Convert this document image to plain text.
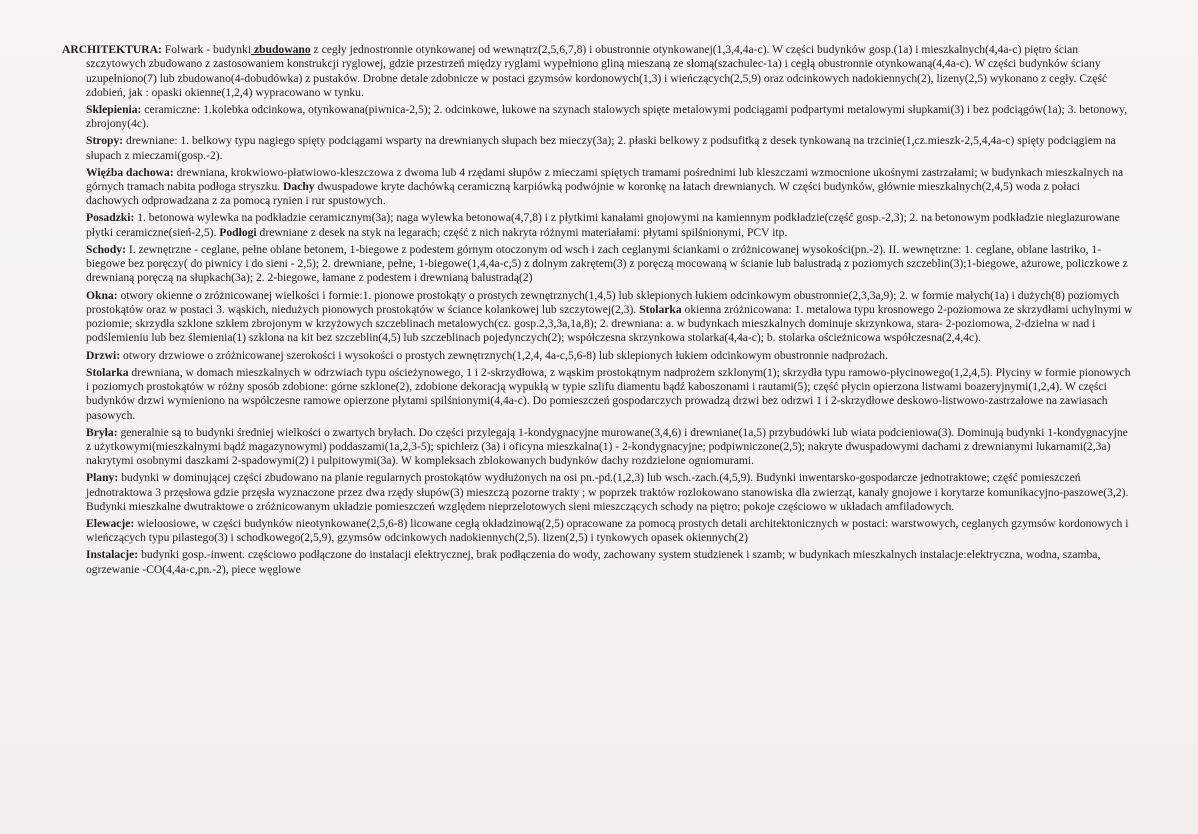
ARCHITEKTURA: Folwark - budynki zbudowano z cegły jednostronnie otynkowanej od wewnątrz(2,5,6,7,8) i obustronnie otynkowanej(1,3,4,4a-c). W części budynków gosp.(1a) i mieszkalnych(4,4a-c) piętro ścian szczytowych zbudowano z zastosowaniem konstrukcji ryglowej, gdzie przestrzeń między ryglami wypełniono gliną mieszaną ze słomą(szachulec-1a) i cegłą obustronnie otynkowaną(4,4a-c). W części budynków ściany uzupełniono(7) lub zbudowano(4-dobudówka) z pustaków. Drobne detale zdobnicze w postaci gzymsów kordonowych(1,3) i wieńczących(2,5,9) oraz odcinkowych nadokiennych(2), lizeny(2,5) wykonano z cegły. Część zdobień, jak : opaski okienne(1,2,4) wypracowano w tynku.

Sklepienia: ceramiczne: 1.kolebka odcinkowa, otynkowana(piwnica-2,5); 2. odcinkowe, łukowe na szynach stalowych spięte metalowymi podciągami podpartymi metalowymi słupkami(3) i bez podciągów(1a); 3. betonowy, zbrojony(4c).

Stropy: drewniane: 1. belkowy typu nagiego spięty podciągami wsparty na drewnianych słupach bez mieczy(3a); 2. płaski belkowy z podsufitką z desek tynkowaną na trzcinie(1,cz.mieszk-2,5,4,4a-c) spięty podciągiem na słupach z mieczami(gosp.-2).

Więźba dachowa: drewniana, krokwiowo-płatwiowo-kleszczowa z dwoma lub 4 rzędami słupów z mieczami spiętych tramami pośrednimi lub kleszczami wzmocnione ukośnymi zastrzałami; w budynkach mieszkalnych na górnych tramach nabita podłoga stryszku. Dachy dwuspadowe kryte dachówką ceramiczną karpiówką podwójnie w koronkę na łatach drewnianych. W części budynków, głównie mieszkalnych(2,4,5) woda z połaci dachowych odprowadzana z za pomocą rynien i rur spustowych.

Posadzki: 1. betonowa wylewka na podkładzie ceramicznym(3a); naga wylewka betonowa(4,7,8) i z płytkimi kanałami gnojowymi na kamiennym podkładzie(część gosp.-2,3); 2. na betonowym podkładzie nieglazurowane płytki ceramiczne(sień-2,5). Podłogi drewniane z desek na styk na legarach; część z nich nakryta różnymi materiałami: płytami spilśnionymi, PCV itp.

Schody: I. zewnętrzne - ceglane, pełne oblane betonem, 1-biegowe z podestem górnym otoczonym od wsch i zach ceglanymi ściankami o zróżnicowanej wysokości(pn.-2). II. wewnętrzne: 1. ceglane, oblane lastriko, 1-biegowe bez poręczy( do piwnicy i do sieni - 2,5); 2. drewniane, pełne, 1-biegowe(1,4,4a-c,5) z dolnym zakrętem(3) z poręczą mocowaną w ścianie lub balustradą z poziomych szczeblin(3);1-biegowe, ażurowe, policzkowe z drewnianą poręczą na słupkach(3a); 2. 2-biegowe, łamane z podestem i drewnianą balustradą(2)

Okna: otwory okienne o zróżnicowanej wielkości i formie:1. pionowe prostokąty o prostych zewnętrznych(1,4,5) lub sklepionych łukiem odcinkowym obustronnie(2,3,3a,9); 2. w formie małych(1a) i dużych(8) poziomych prostokątów oraz w postaci 3. wąskich, niedużych pionowych prostokątów w ściance kolankowej lub szczytowej(2,3). Stolarka okienna zróżnicowana: 1. metalowa typu krosnowego 2-poziomowa ze skrzydłami uchylnymi w poziomie; skrzydła szklone szkłem zbrojonym w krzyżowych szczeblinach metalowych(cz. gosp.2,3,3a,1a,8); 2. drewniana: a. w budynkach mieszkalnych dominuje skrzynkowa, stara- 2-poziomowa, 2-dzielna w nad i podślemieniu lub bez ślemienia(1) szklona na kit bez szczeblin(4,5) lub szczeblinach pojedynczych(2); współczesna skrzynkowa stolarka(4,4a-c); b. stolarka ościeżnicowa współczesna(2,4,4c).

Drzwi: otwory drzwiowe o zróżnicowanej szerokości i wysokości o prostych zewnętrznych(1,2,4, 4a-c,5,6-8) lub sklepionych łukiem odcinkowym obustronnie nadprożach.

Stolarka drewniana, w domach mieszkalnych w odrzwiach typu ościeżynowego, 1 i 2-skrzydłowa, z wąskim prostokątnym nadprożem szklonym(1); skrzydła typu ramowo-płycinowego(1,2,4,5). Płyciny w formie pionowych i poziomych prostokątów w różny sposób zdobione: górne szklone(2), zdobione dekoracją wypukłą w typie szlifu diamentu bądź kaboszonami i rautami(5); część płycin opierzona listwami boazeryjnymi(1,2,4). W części budynków drzwi wymieniono na współczesne ramowe opierzone płytami spilśnionymi(4,4a-c). Do pomieszczeń gospodarczych prowadzą drzwi bez odrzwi 1 i 2-skrzydłowe deskowo-listwowo-zastrzałowe na zawiasach pasowych.

Bryła: generalnie są to budynki średniej wielkości o zwartych bryłach. Do części przylegają 1-kondygnacyjne murowane(3,4,6) i drewniane(1a,5) przybudówki lub wiata podcieniowa(3). Dominują budynki 1-kondygnacyjne z użytkowymi(mieszkalnymi bądź magazynowymi) poddaszami(1a,2,3-5); spichlerz (3a) i oficyna mieszkalna(1) - 2-kondygnacyjne; podpiwniczone(2,5); nakryte dwuspadowymi dachami z drewnianymi lukarnami(2,3a) nakrytymi osobnymi daszkami 2-spadowymi(2) i pulpitowymi(3a). W kompleksach zblokowanych budynków dachy rozdzielone ogniomurami.

Plany: budynki w dominującej części zbudowano na planie regularnych prostokątów wydłużonych na osi pn.-pd.(1,2,3) lub wsch.-zach.(4,5,9). Budynki inwentarsko-gospodarcze jednotraktowe; część pomieszczeń jednotraktowa 3 przęsłowa gdzie przęsła wyznaczone przez dwa rzędy słupów(3) mieszczą pozorne trakty ; w poprzek traktów rozlokowano stanowiska dla zwierząt, kanały gnojowe i korytarze komunikacyjno-paszowe(3,2). Budynki mieszkalne dwutraktowe o zróżnicowanym układzie pomieszczeń względem nieprzelotowych sieni mieszczących schody na piętro; pokoje częściowo w układach amfiladowych.

Elewacje: wieloosiowe, w części budynków nieotynkowane(2,5,6-8) licowane cegłą okładzinową(2,5) opracowane za pomocą prostych detali architektonicznych w postaci: warstwowych, ceglanych gzymsów kordonowych i wieńczących typu pilastego(3) i schodkowego(2,5,9), gzymsów odcinkowych nadokiennych(2,5). lizen(2,5) i tynkowych opasek okiennych(2)

Instalacje: budynki gosp.-inwent. częściowo podłączone do instalacji elektrycznej, brak podłączenia do wody, zachowany system studzienek i szamb; w budynkach mieszkalnych instalacje:elektryczna, wodna, szamba, ogrzewanie -CO(4,4a-c,pn.-2), piece węglowe
